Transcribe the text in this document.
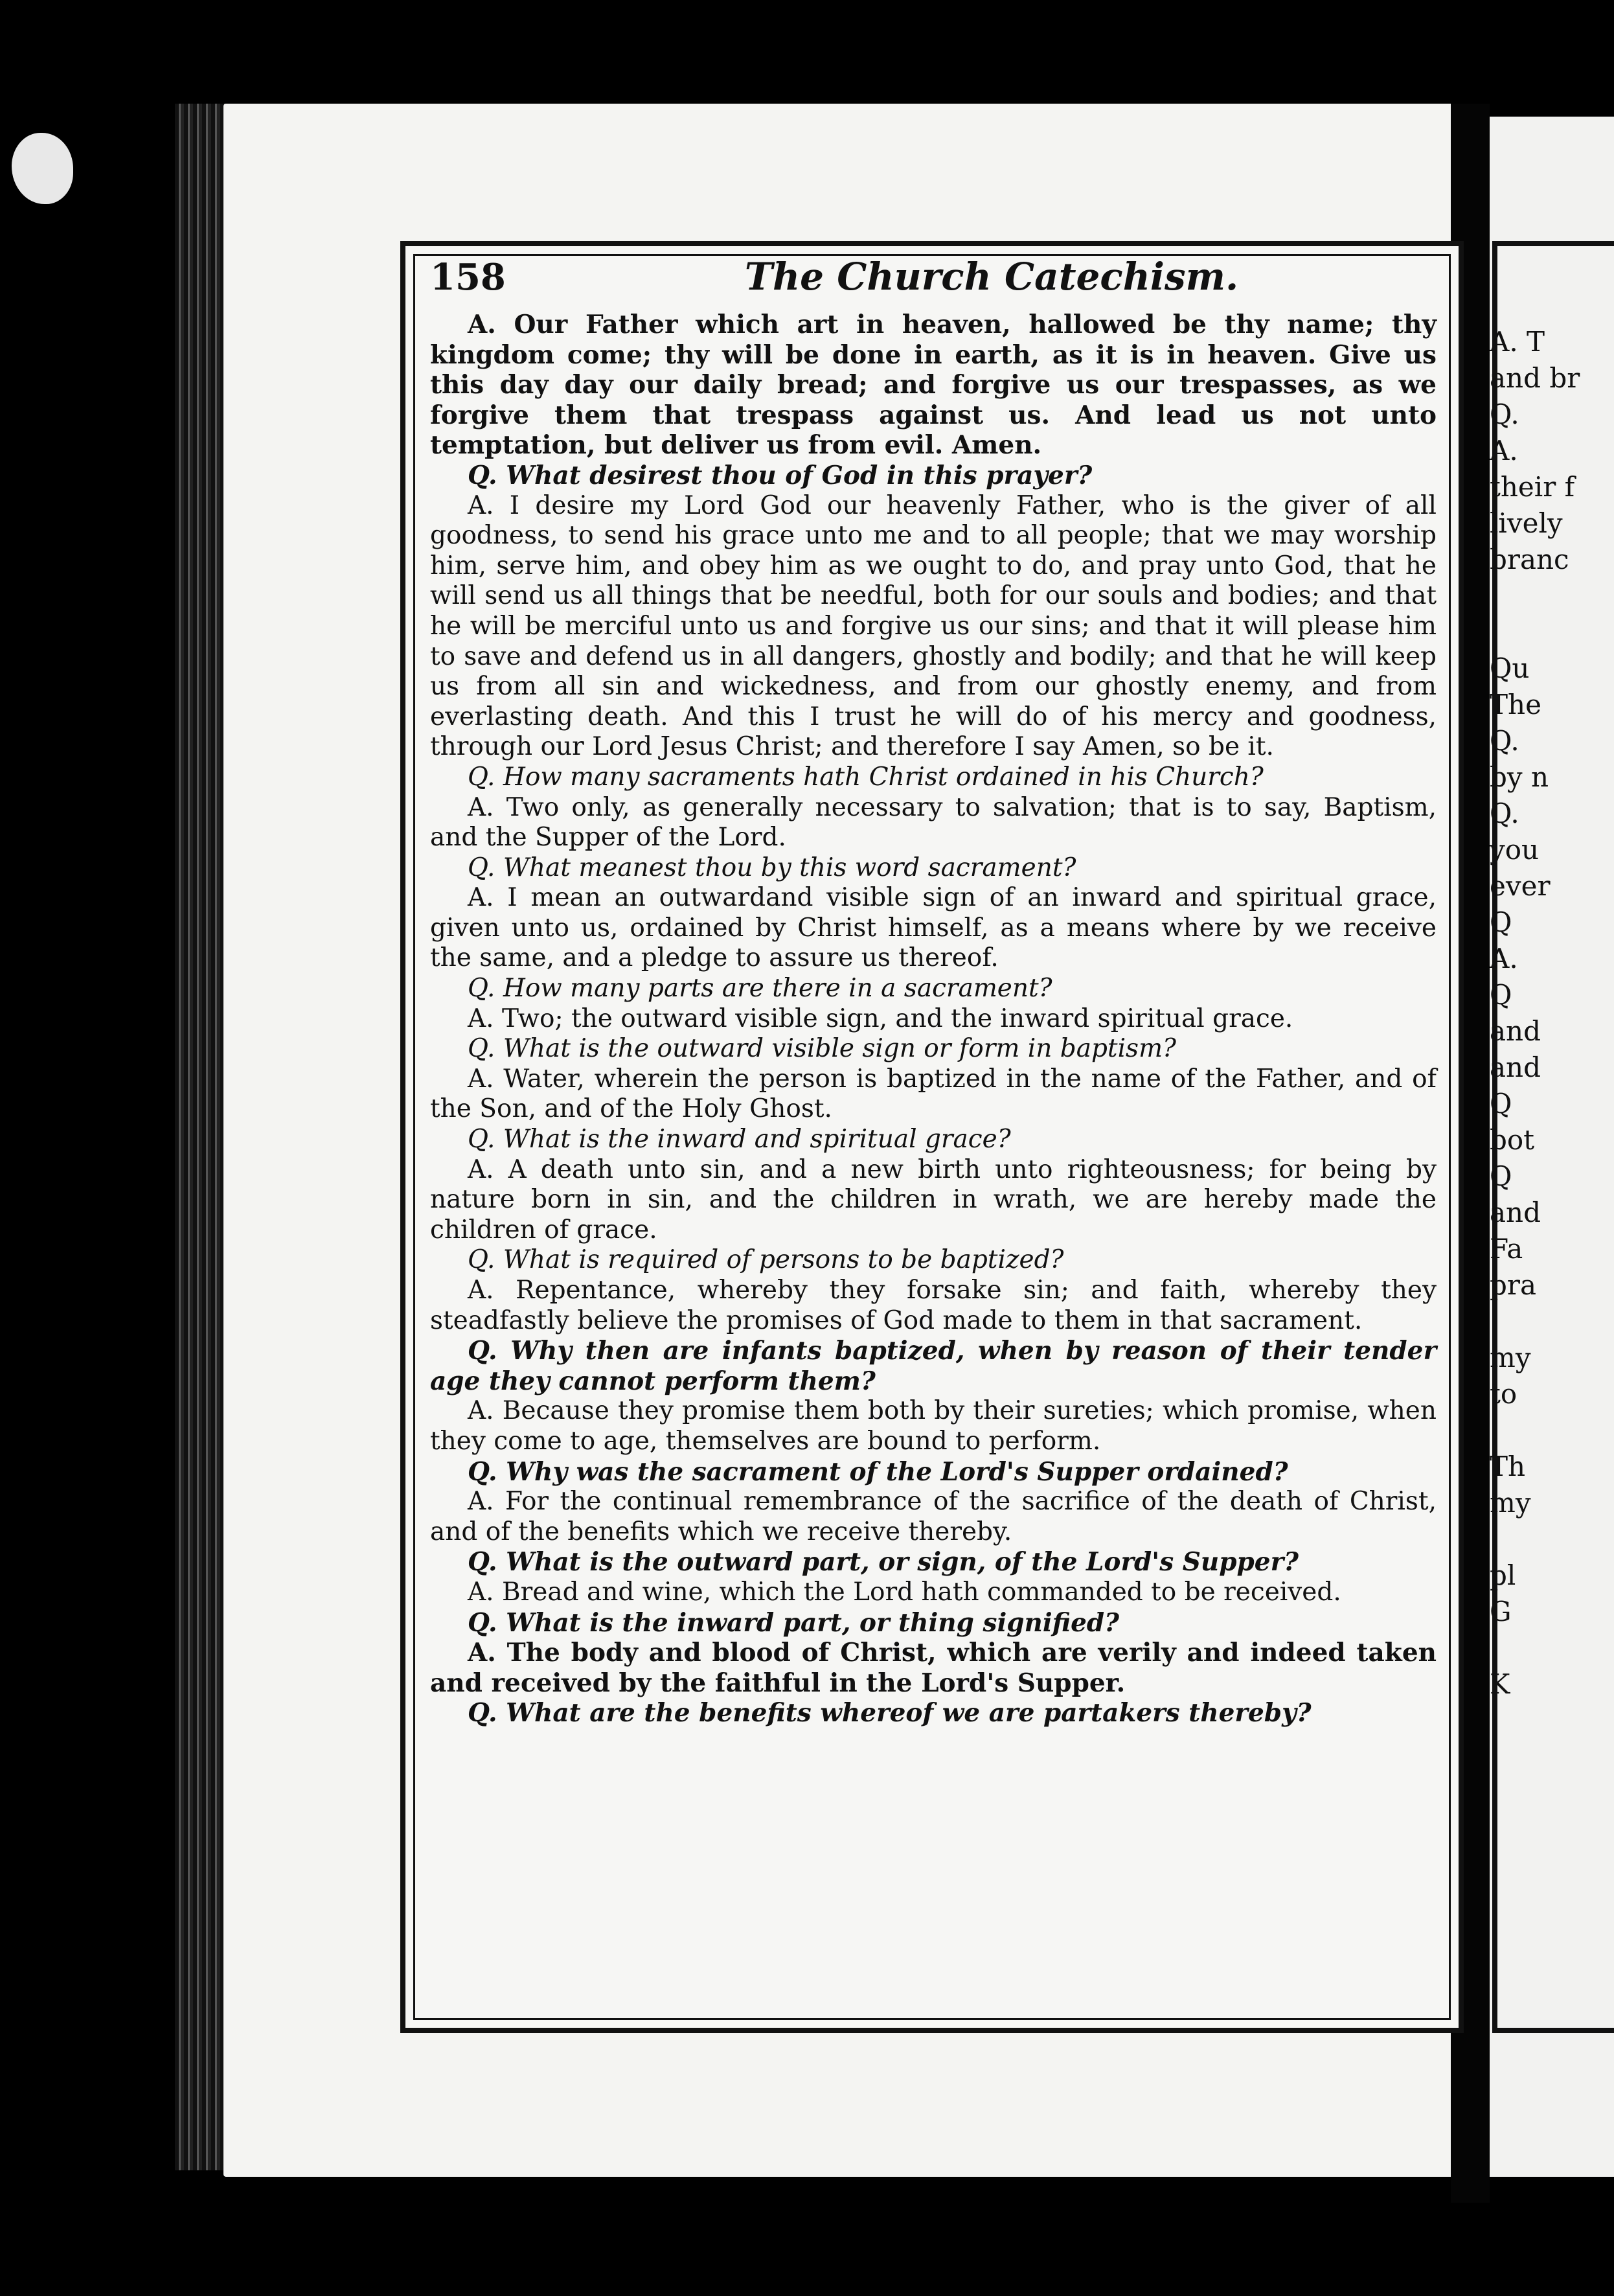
A. T
and br
Q.
A.
their f
lively
branc

Qu
The
Q.
by n
Q.
you
ever
Q
A.
Q
and
and
Q
bot
Q
and
Fa
pra

my
to

Th
my

pl
G

K
158	The Church Catechism.

A. Our Father which art in heaven, hallowed be thy name; thy kingdom come; thy will be done in earth, as it is in heaven. Give us this day day our daily bread; and forgive us our trespasses, as we forgive them that trespass against us. And lead us not unto temptation, but deliver us from evil. Amen.

Q. What desirest thou of God in this prayer?

A. I desire my Lord God our heavenly Father, who is the giver of all goodness, to send his grace unto me and to all people; that we may worship him, serve him, and obey him as we ought to do, and pray unto God, that he will send us all things that be needful, both for our souls and bodies; and that he will be merciful unto us and forgive us our sins; and that it will please him to save and defend us in all dangers, ghostly and bodily; and that he will keep us from all sin and wickedness, and from our ghostly enemy, and from everlasting death. And this I trust he will do of his mercy and goodness, through our Lord Jesus Christ; and therefore I say Amen, so be it.

Q. How many sacraments hath Christ ordained in his Church?

A. Two only, as generally necessary to salvation; that is to say, Baptism, and the Supper of the Lord.

Q. What meanest thou by this word sacrament?

A. I mean an outwardand visible sign of an inward and spiritual grace, given unto us, ordained by Christ himself, as a means where by we receive the same, and a pledge to assure us thereof.

Q. How many parts are there in a sacrament?

A. Two; the outward visible sign, and the inward spiritual grace.

Q. What is the outward visible sign or form in baptism?

A. Water, wherein the person is baptized in the name of the Father, and of the Son, and of the Holy Ghost.

Q. What is the inward and spiritual grace?

A. A death unto sin, and a new birth unto righteousness; for being by nature born in sin, and the children in wrath, we are hereby made the children of grace.

Q. What is required of persons to be baptized?

A. Repentance, whereby they forsake sin; and faith, whereby they steadfastly believe the promises of God made to them in that sacrament.

Q. Why then are infants baptized, when by reason of their tender age they cannot perform them?

A. Because they promise them both by their sureties; which promise, when they come to age, themselves are bound to perform.

Q. Why was the sacrament of the Lord's Supper ordained?

A. For the continual remembrance of the sacrifice of the death of Christ, and of the benefits which we receive thereby.

Q. What is the outward part, or sign, of the Lord's Supper?

A. Bread and wine, which the Lord hath commanded to be received.

Q. What is the inward part, or thing signified?

A. The body and blood of Christ, which are verily and indeed taken and received by the faithful in the Lord's Supper.

Q. What are the benefits whereof we are partakers thereby?
